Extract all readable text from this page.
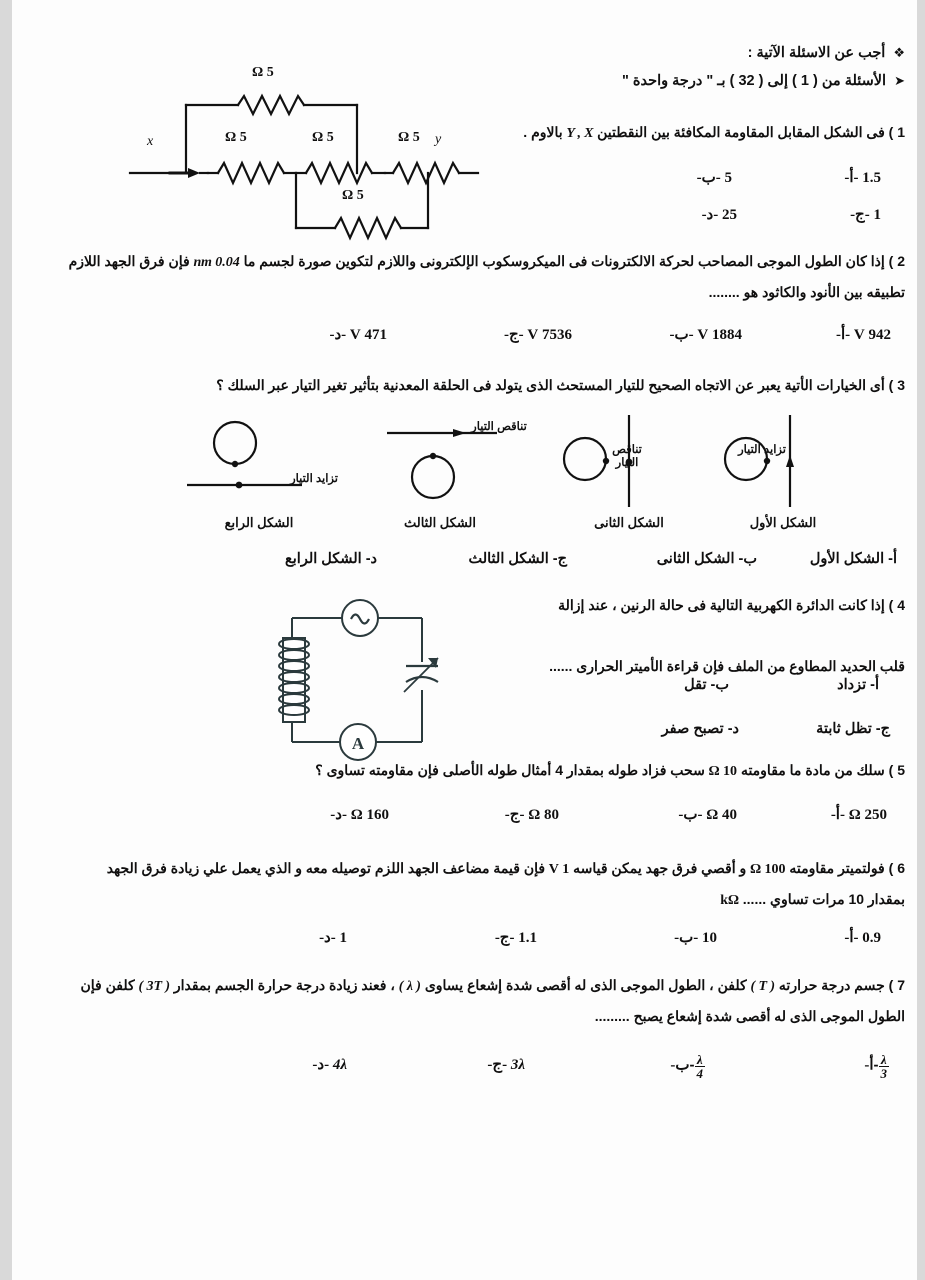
❖
أجب عن الاسئلة الآتية :
➤
الأسئلة من ( 1 ) إلى ( 32 ) بـ " درجة واحدة "
1 ) فى الشكل المقابل المقاومة المكافئة بين النقطتين Y , X بالاوم .
5 Ω
5 Ω	5 Ω	5 Ω
5 Ω
x	y
1.5 -أ-
5 -ب-
1 -ج-
25 -د-
2 ) إذا كان الطول الموجى المصاحب لحركة الالكترونات فى الميكروسكوب الإلكترونى واللازم لتكوين صورة لجسم ما 0.04 nm فإن فرق الجهد اللازم
تطبيقه بين الأنود والكاثود هو ........
942 V -أ-
1884 V -ب-
7536 V -ج-
471 V -د-
3 ) أى الخيارات الأتية يعبر عن الاتجاه الصحيح للتيار المستحث الذى يتولد فى الحلقة المعدنية بتأثير تغير التيار عبر السلك ؟
تزايد التيار
الشكل الأول
تناقص التيار
الشكل الثانى
تناقص التيار
الشكل الثالث
تزايد التيار
الشكل الرابع
أ- الشكل الأول
ب- الشكل الثانى
ج- الشكل الثالث
د- الشكل الرابع
4 ) إذا كانت الدائرة الكهربية التالية فى حالة الرنين ، عند إزالة
قلب الحديد المطاوع من الملف فإن قراءة الأميتر الحرارى ......
A
أ- تزداد
ب- تقل
ج- تظل ثابتة
د- تصبح صفر
5 ) سلك من مادة ما مقاومته 10 Ω سحب فزاد طوله بمقدار 4 أمثال طوله الأصلى فإن مقاومته تساوى ؟
250 Ω -أ-
40 Ω -ب-
80 Ω -ج-
160 Ω -د-
6 ) فولتميتر مقاومته 100 Ω و أقصي فرق جهد يمكن قياسه 1 V فإن قيمة مضاعف الجهد اللزم توصيله معه و الذي يعمل علي زيادة فرق الجهد
بمقدار 10 مرات تساوي ...... kΩ
0.9 -أ-
10 -ب-
1.1 -ج-
1 -د-
7 ) جسم درجة حرارته ( T ) كلفن ، الطول الموجى الذى له أقصى شدة إشعاع يساوى ( λ ) ، فعند زيادة درجة حرارة الجسم بمقدار ( 3T ) كلفن فإن
الطول الموجى الذى له أقصى شدة إشعاع يصبح .........
$\frac{\lambda}{3}$
-أ-
$\frac{\lambda}{4}$
-ب-
3λ -ج-
4λ -د-
